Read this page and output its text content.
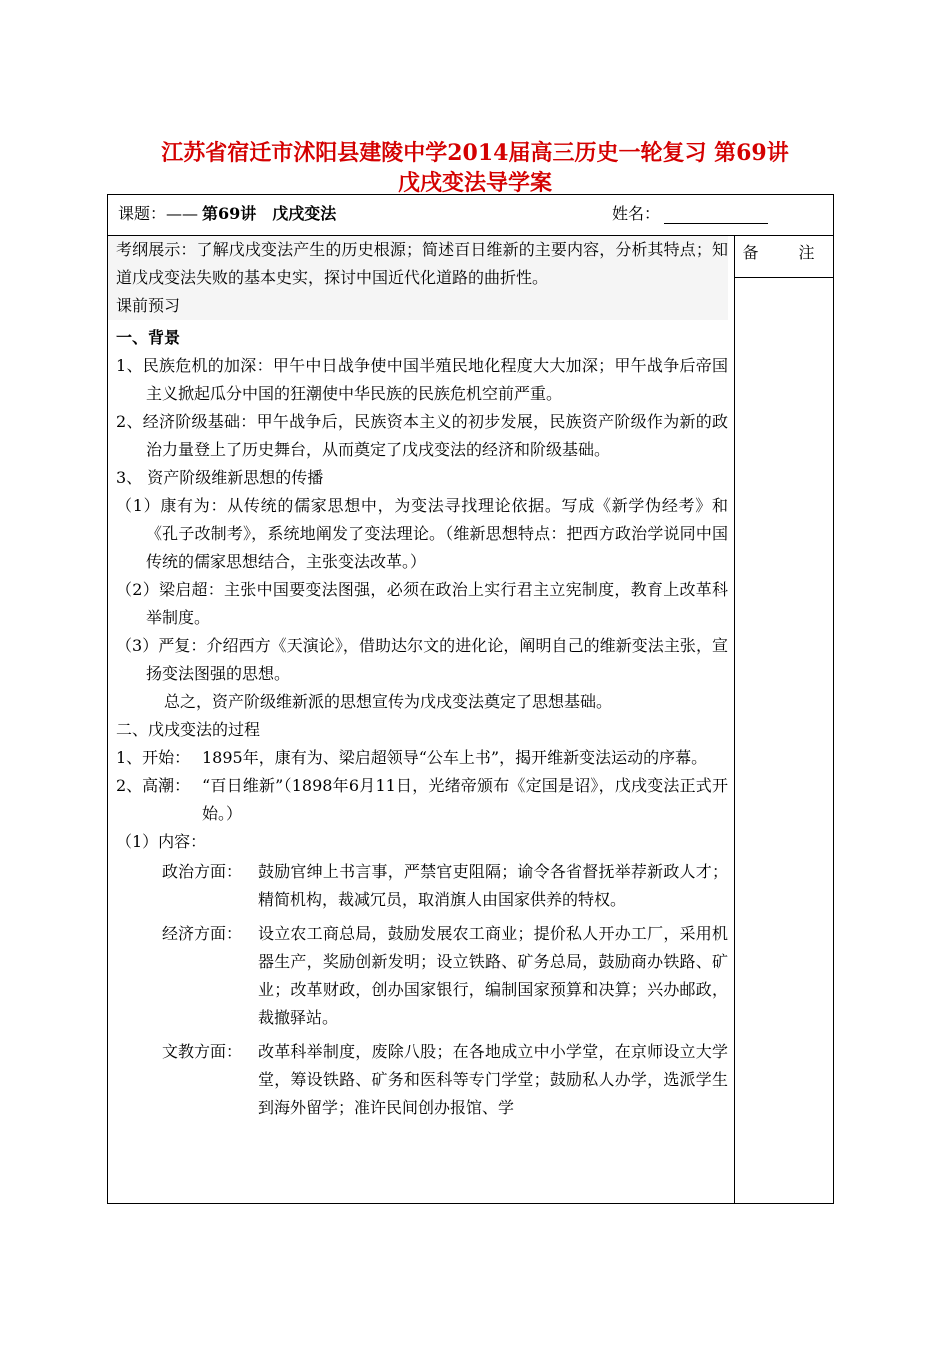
江苏省宿迁市沭阳县建陵中学2014届高三历史一轮复习 第69讲
戊戌变法导学案
课题：—— 第69讲　戊戌变法	姓名：
备　注

考纲展示：了解戊戌变法产生的历史根源；简述百日维新的主要内容，分析其特点；知道戊戌变法失败的基本史实，探讨中国近代化道路的曲折性。

课前预习

一、背景

1、民族危机的加深：甲午中日战争使中国半殖民地化程度大大加深；甲午战争后帝国主义掀起瓜分中国的狂潮使中华民族的民族危机空前严重。

2、经济阶级基础：甲午战争后，民族资本主义的初步发展，民族资产阶级作为新的政治力量登上了历史舞台，从而奠定了戊戌变法的经济和阶级基础。

3、 资产阶级维新思想的传播

（1）康有为：从传统的儒家思想中，为变法寻找理论依据。写成《新学伪经考》和《孔子改制考》，系统地阐发了变法理论。（维新思想特点：把西方政治学说同中国传统的儒家思想结合，主张变法改革。）

（2）梁启超：主张中国要变法图强，必须在政治上实行君主立宪制度，教育上改革科举制度。

（3）严复：介绍西方《天演论》，借助达尔文的进化论，阐明自己的维新变法主张，宣扬变法图强的思想。

总之，资产阶级维新派的思想宣传为戊戌变法奠定了思想基础。

二、戊戌变法的过程

1、开始： 1895年，康有为、梁启超领导“公车上书”，揭开维新变法运动的序幕。

2、高潮： “百日维新”（1898年6月11日，光绪帝颁布《定国是诏》，戊戌变法正式开始。）

（1）内容：

政治方面： 鼓励官绅上书言事，严禁官吏阻隔；谕令各省督抚举荐新政人才；精简机构，裁减冗员，取消旗人由国家供养的特权。

经济方面： 设立农工商总局，鼓励发展农工商业；提价私人开办工厂，采用机器生产，奖励创新发明；设立铁路、矿务总局，鼓励商办铁路、矿业；改革财政，创办国家银行，编制国家预算和决算；兴办邮政，裁撤驿站。

文教方面： 改革科举制度，废除八股；在各地成立中小学堂，在京师设立大学堂，筹设铁路、矿务和医科等专门学堂；鼓励私人办学，选派学生到海外留学；准许民间创办报馆、学
